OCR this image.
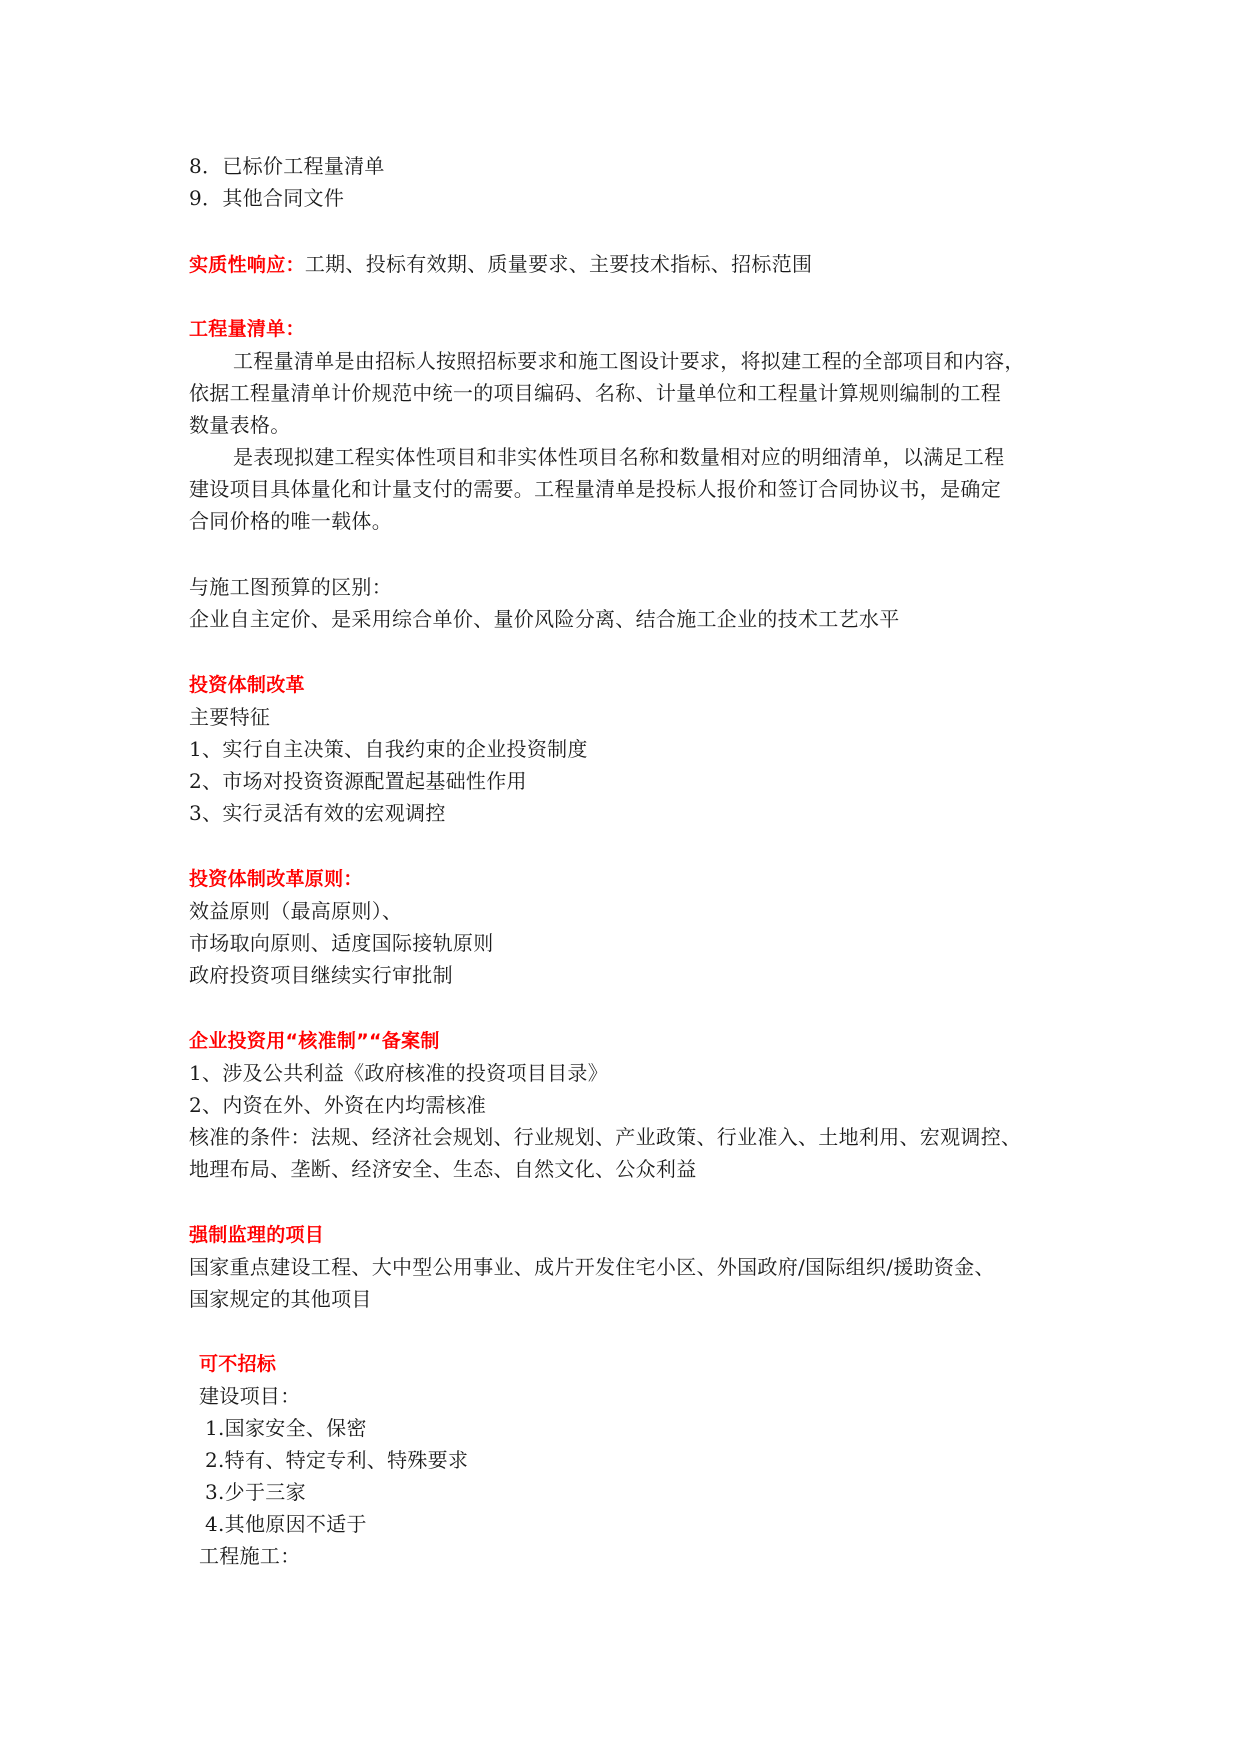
8．已标价工程量清单
9．其他合同文件
实质性响应：工期、投标有效期、质量要求、主要技术指标、招标范围
工程量清单：
工程量清单是由招标人按照招标要求和施工图设计要求，将拟建工程的全部项目和内容，
依据工程量清单计价规范中统一的项目编码、名称、计量单位和工程量计算规则编制的工程
数量表格。
是表现拟建工程实体性项目和非实体性项目名称和数量相对应的明细清单，以满足工程
建设项目具体量化和计量支付的需要。工程量清单是投标人报价和签订合同协议书，是确定
合同价格的唯一载体。
与施工图预算的区别：
企业自主定价、是采用综合单价、量价风险分离、结合施工企业的技术工艺水平
投资体制改革
主要特征
1、实行自主决策、自我约束的企业投资制度
2、市场对投资资源配置起基础性作用
3、实行灵活有效的宏观调控
投资体制改革原则：
效益原则（最高原则）、
市场取向原则、适度国际接轨原则
政府投资项目继续实行审批制
企业投资用“核准制”“备案制
1、涉及公共利益《政府核准的投资项目目录》
2、内资在外、外资在内均需核准
核准的条件：法规、经济社会规划、行业规划、产业政策、行业准入、土地利用、宏观调控、
地理布局、垄断、经济安全、生态、自然文化、公众利益
强制监理的项目
国家重点建设工程、大中型公用事业、成片开发住宅小区、外国政府/国际组织/援助资金、
国家规定的其他项目
可不招标
建设项目：
1.国家安全、保密
2.特有、特定专利、特殊要求
3.少于三家
4.其他原因不适于
工程施工：
